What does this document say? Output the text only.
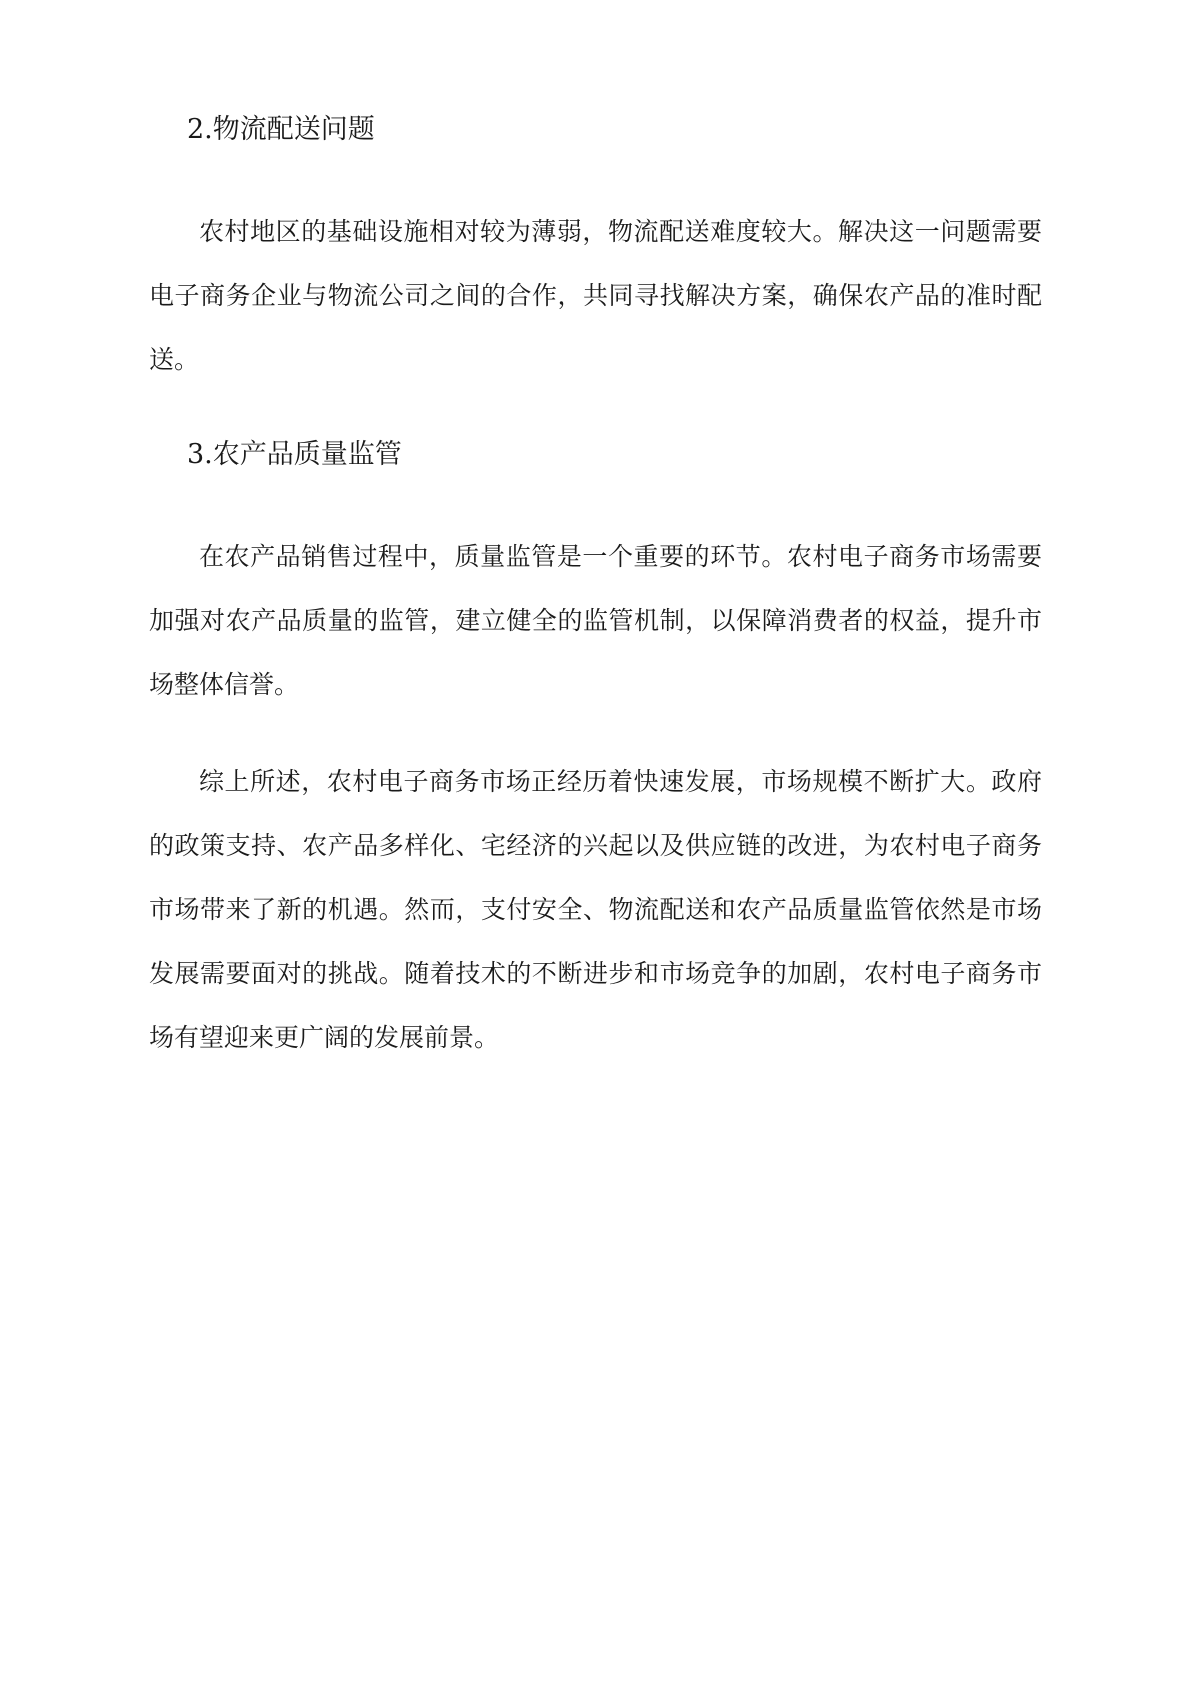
2.物流配送问题

农村地区的基础设施相对较为薄弱，物流配送难度较大。解决这一问题需要电子商务企业与物流公司之间的合作，共同寻找解决方案，确保农产品的准时配送。

3.农产品质量监管

在农产品销售过程中，质量监管是一个重要的环节。农村电子商务市场需要加强对农产品质量的监管，建立健全的监管机制，以保障消费者的权益，提升市场整体信誉。

综上所述，农村电子商务市场正经历着快速发展，市场规模不断扩大。政府的政策支持、农产品多样化、宅经济的兴起以及供应链的改进，为农村电子商务市场带来了新的机遇。然而，支付安全、物流配送和农产品质量监管依然是市场发展需要面对的挑战。随着技术的不断进步和市场竞争的加剧，农村电子商务市场有望迎来更广阔的发展前景。
